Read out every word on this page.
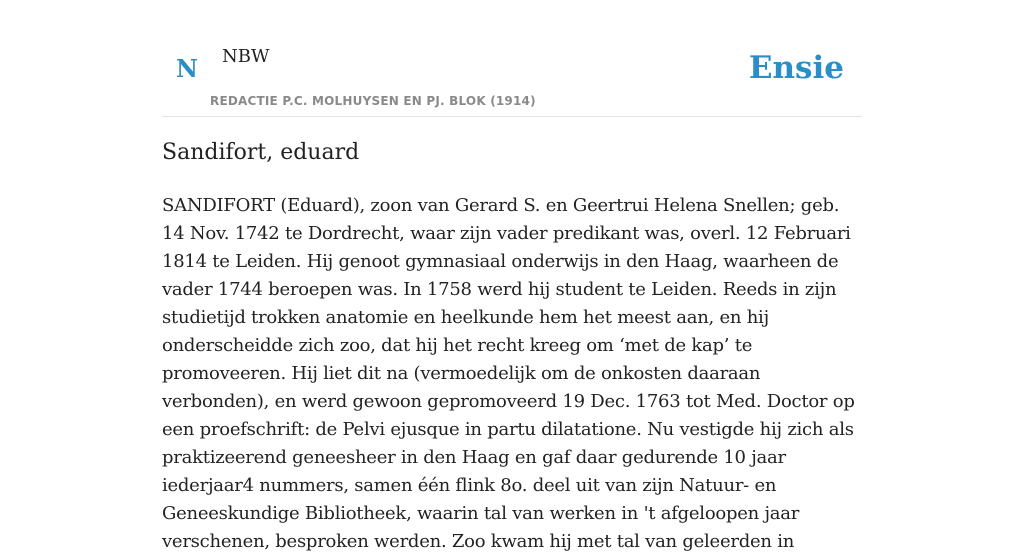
N NBW
REDACTIE P.C. MOLHUYSEN EN PJ. BLOK (1914)
Ensie
Sandifort, eduard

SANDIFORT (Eduard), zoon van Gerard S. en Geertrui Helena Snellen; geb. 14 Nov. 1742 te Dordrecht, waar zijn vader predikant was, overl. 12 Februari 1814 te Leiden. Hij genoot gymnasiaal onderwijs in den Haag, waarheen de vader 1744 beroepen was. In 1758 werd hij student te Leiden. Reeds in zijn studietijd trokken anatomie en heelkunde hem het meest aan, en hij onderscheidde zich zoo, dat hij het recht kreeg om ‘met de kap’ te promoveeren. Hij liet dit na (vermoedelijk om de onkosten daaraan verbonden), en werd gewoon gepromoveerd 19 Dec. 1763 tot Med. Doctor op een proefschrift: de Pelvi ejusque in partu dilatatione. Nu vestigde hij zich als praktizeerend geneesheer in den Haag en gaf daar gedurende 10 jaar iederjaar4 nummers, samen één flink 8o. deel uit van zijn Natuur- en Geneeskundige Bibliotheek, waarin tal van werken in 't afgeloopen jaar verschenen, besproken werden. Zoo kwam hij met tal van geleerden in
